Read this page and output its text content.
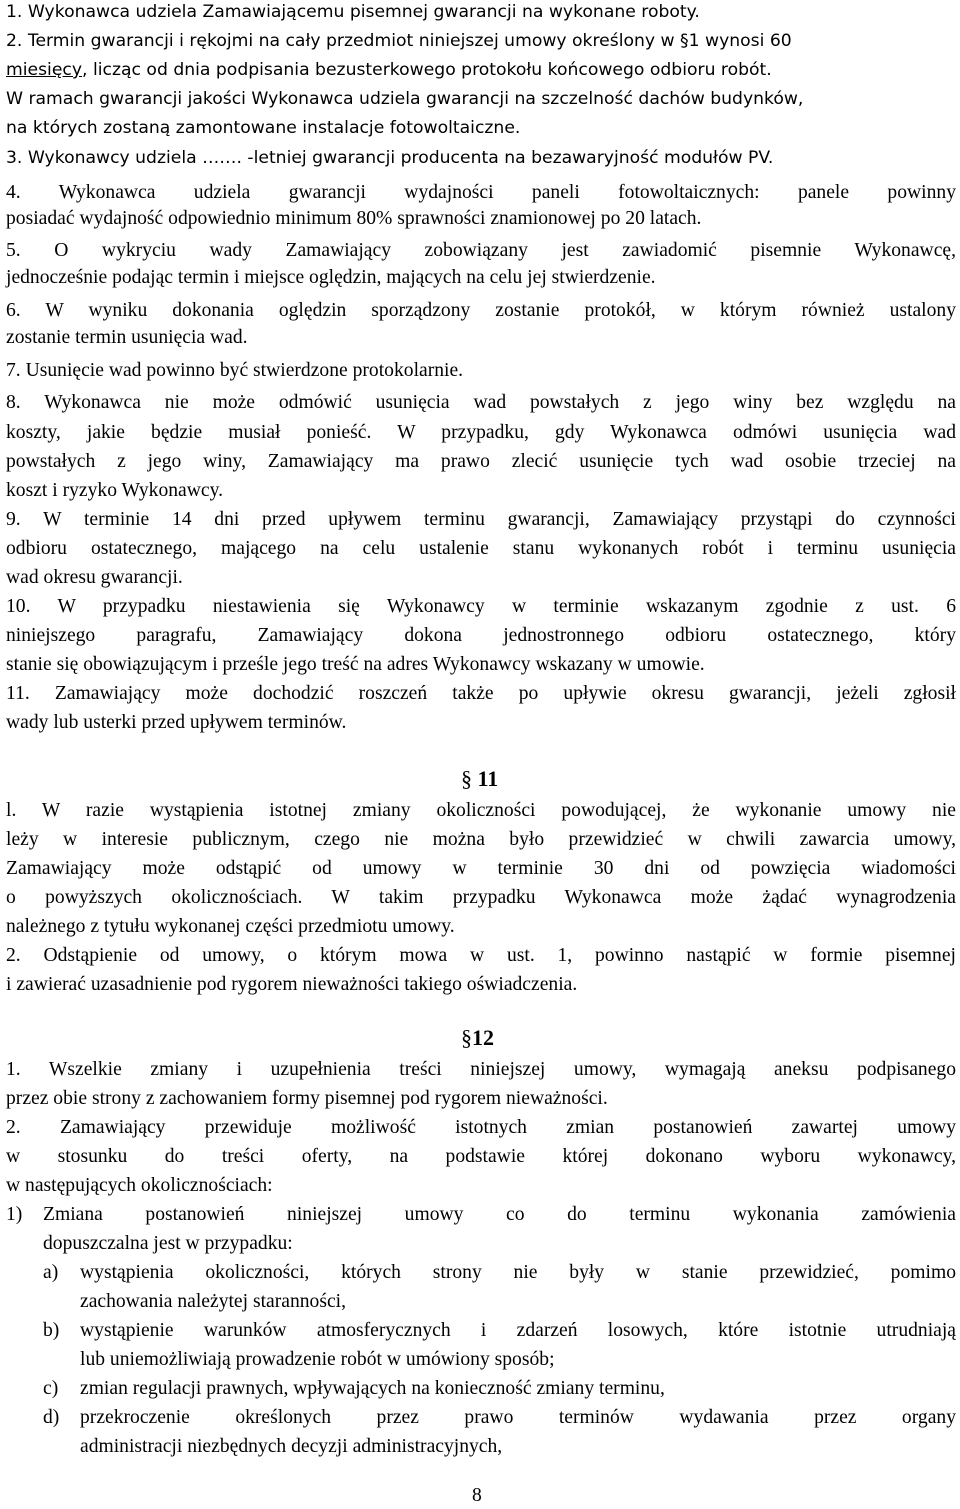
1. Wykonawca udziela Zamawiającemu pisemnej gwarancji na wykonane roboty.
2. Termin gwarancji i rękojmi na cały przedmiot niniejszej umowy określony w §1 wynosi 60
miesięcy, licząc od dnia podpisania bezusterkowego protokołu końcowego odbioru robót.
W ramach gwarancji jakości Wykonawca udziela gwarancji na szczelność dachów budynków,
na których zostaną zamontowane instalacje fotowoltaiczne.
3. Wykonawcy udziela ……. -letniej gwarancji producenta na bezawaryjność modułów PV.
4. Wykonawca udziela gwarancji wydajności paneli fotowoltaicznych: panele powinny
posiadać wydajność odpowiednio minimum 80% sprawności znamionowej po 20 latach.
5. O wykryciu wady Zamawiający zobowiązany jest zawiadomić pisemnie Wykonawcę,
jednocześnie podając termin i miejsce oględzin, mających na celu jej stwierdzenie.
6. W wyniku dokonania oględzin sporządzony zostanie protokół, w którym również ustalony
zostanie termin usunięcia wad.
7. Usunięcie wad powinno być stwierdzone protokolarnie.
8. Wykonawca nie może odmówić usunięcia wad powstałych z jego winy bez względu na
koszty, jakie będzie musiał ponieść. W przypadku, gdy Wykonawca odmówi usunięcia wad
powstałych z jego winy, Zamawiający ma prawo zlecić usunięcie tych wad osobie trzeciej na
koszt i ryzyko Wykonawcy.
9. W terminie 14 dni przed upływem terminu gwarancji, Zamawiający przystąpi do czynności
odbioru ostatecznego, mającego na celu ustalenie stanu wykonanych robót i terminu usunięcia
wad okresu gwarancji.
10. W przypadku niestawienia się Wykonawcy w terminie wskazanym zgodnie z ust. 6
niniejszego paragrafu, Zamawiający dokona jednostronnego odbioru ostatecznego, który
stanie się obowiązującym i prześle jego treść na adres Wykonawcy wskazany w umowie.
11. Zamawiający może dochodzić roszczeń także po upływie okresu gwarancji, jeżeli zgłosił
wady lub usterki przed upływem terminów.
§ 11
l. W razie wystąpienia istotnej zmiany okoliczności powodującej, że wykonanie umowy nie
leży w interesie publicznym, czego nie można było przewidzieć w chwili zawarcia umowy,
Zamawiający może odstąpić od umowy w terminie 30 dni od powzięcia wiadomości
o powyższych okolicznościach. W takim przypadku Wykonawca może żądać wynagrodzenia
należnego z tytułu wykonanej części przedmiotu umowy.
2. Odstąpienie od umowy, o którym mowa w ust. 1, powinno nastąpić w formie pisemnej
i zawierać uzasadnienie pod rygorem nieważności takiego oświadczenia.
§12
1. Wszelkie zmiany i uzupełnienia treści niniejszej umowy, wymagają aneksu podpisanego
przez obie strony z zachowaniem formy pisemnej pod rygorem nieważności.
2. Zamawiający przewiduje możliwość istotnych zmian postanowień zawartej umowy
w stosunku do treści oferty, na podstawie której dokonano wyboru wykonawcy,
w następujących okolicznościach:
1) Zmiana postanowień niniejszej umowy co do terminu wykonania zamówienia
dopuszczalna jest w przypadku:
a) wystąpienia okoliczności, których strony nie były w stanie przewidzieć, pomimo
zachowania należytej staranności,
b) wystąpienie warunków atmosferycznych i zdarzeń losowych, które istotnie utrudniają
lub uniemożliwiają prowadzenie robót w umówiony sposób;
c) zmian regulacji prawnych, wpływających na konieczność zmiany terminu,
d) przekroczenie określonych przez prawo terminów wydawania przez organy
administracji niezbędnych decyzji administracyjnych,
8
